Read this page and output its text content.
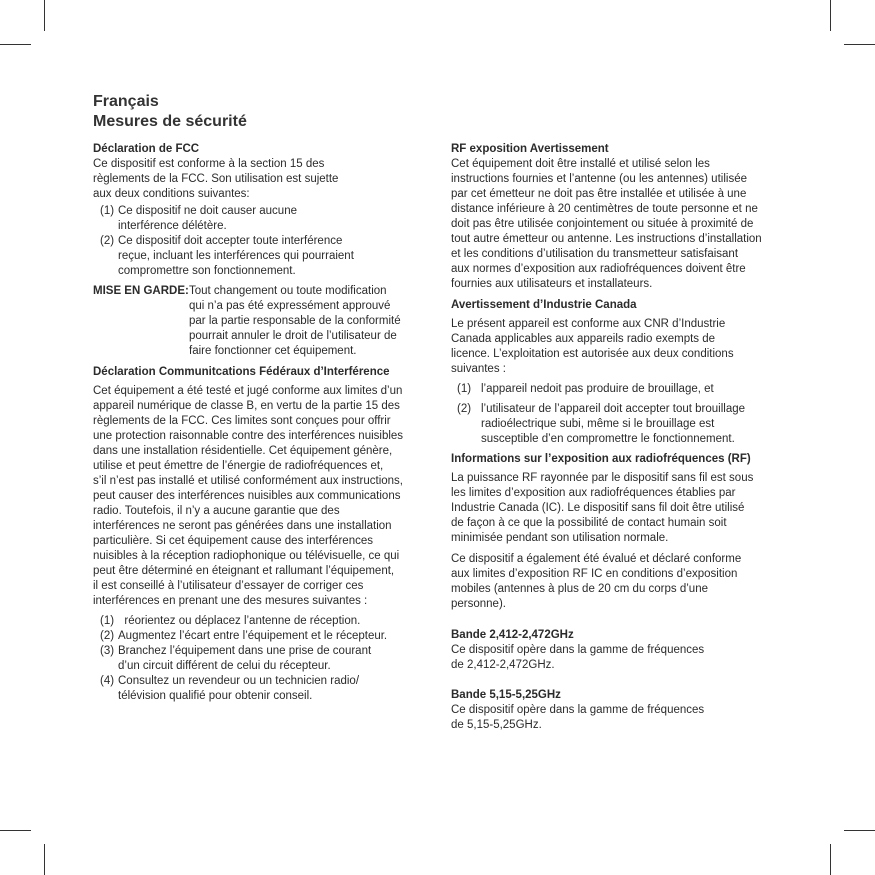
Français
Mesures de sécurité

Déclaration de FCC

Ce dispositif est conforme à la section 15 des
règlements de la FCC. Son utilisation est sujette
aux deux conditions suivantes:

(1) Ce dispositif ne doit causer aucune
interférence délétère.
(2) Ce dispositif doit accepter toute interférence
reçue, incluant les interférences qui pourraient
compromettre son fonctionnement.
MISE EN GARDE: Tout changement ou toute modification
qui n’a pas été expressément approuvé
par la partie responsable de la conformité
pourrait annuler le droit de l’utilisateur de
faire fonctionner cet équipement.

Déclaration Communitcations Fédéraux d’Interférence

Cet équipement a été testé et jugé conforme aux limites d’un
appareil numérique de classe B, en vertu de la partie 15 des
règlements de la FCC. Ces limites sont conçues pour offrir
une protection raisonnable contre des interférences nuisibles
dans une installation résidentielle. Cet équipement génère,
utilise et peut émettre de l’énergie de radiofréquences et,
s’il n’est pas installé et utilisé conformément aux instructions,
peut causer des interférences nuisibles aux communications
radio. Toutefois, il n’y a aucune garantie que des
interférences ne seront pas générées dans une installation
particulière. Si cet équipement cause des interférences
nuisibles à la réception radiophonique ou télévisuelle, ce qui
peut être déterminé en éteignant et rallumant l’équipement,
il est conseillé à l’utilisateur d’essayer de corriger ces
interférences en prenant une des mesures suivantes :

(1) réorientez ou déplacez l’antenne de réception.
(2) Augmentez l’écart entre l’équipement et le récepteur.
(3) Branchez l’équipement dans une prise de courant
d’un circuit différent de celui du récepteur.
(4) Consultez un revendeur ou un technicien radio/
télévision qualifié pour obtenir conseil.

RF exposition Avertissement

Cet équipement doit être installé et utilisé selon les
instructions fournies et l’antenne (ou les antennes) utilisée
par cet émetteur ne doit pas être installée et utilisée à une
distance inférieure à 20 centimètres de toute personne et ne
doit pas être utilisée conjointement ou située à proximité de
tout autre émetteur ou antenne. Les instructions d’installation
et les conditions d’utilisation du transmetteur satisfaisant
aux normes d’exposition aux radiofréquences doivent être
fournies aux utilisateurs et installateurs.

Avertissement d’Industrie Canada

Le présent appareil est conforme aux CNR d’Industrie
Canada applicables aux appareils radio exempts de
licence. L’exploitation est autorisée aux deux conditions
suivantes :

(1) l’appareil nedoit pas produire de brouillage, et
(2) l’utilisateur de l’appareil doit accepter tout brouillage
radioélectrique subi, même si le brouillage est
susceptible d’en compromettre le fonctionnement.

Informations sur l’exposition aux radiofréquences (RF)

La puissance RF rayonnée par le dispositif sans fil est sous
les limites d’exposition aux radiofréquences établies par
Industrie Canada (IC). Le dispositif sans fil doit être utilisé
de façon à ce que la possibilité de contact humain soit
minimisée pendant son utilisation normale.

Ce dispositif a également été évalué et déclaré conforme
aux limites d’exposition RF IC en conditions d’exposition
mobiles (antennes à plus de 20 cm du corps d’une
personne).

Bande 2,412-2,472GHz

Ce dispositif opère dans la gamme de fréquences
de 2,412-2,472GHz.

Bande 5,15-5,25GHz

Ce dispositif opère dans la gamme de fréquences
de 5,15-5,25GHz.
